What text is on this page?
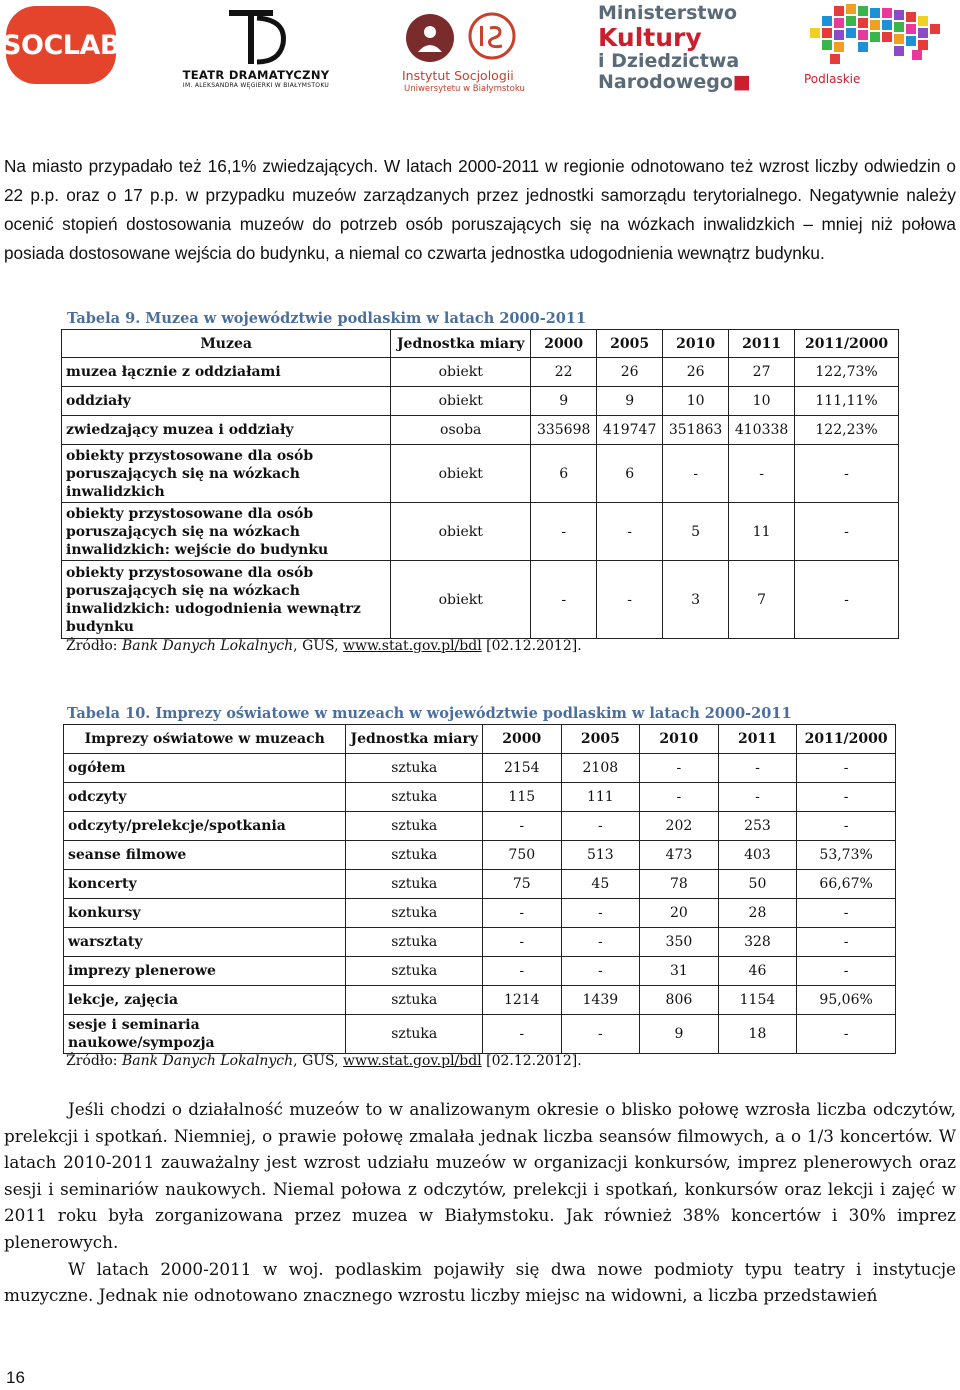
SOCLAB
TEATR DRAMATYCZNY
IM. ALEKSANDRA WĘGIERKI W BIAŁYMSTOKU
Instytut Socjologii
Uniwersytetu w Białymstoku
Ministerstwo
Kultury
i Dziedzictwa
Narodowego■	Podlaskie
Na miasto przypadało też 16,1% zwiedzających. W latach 2000-2011 w regionie odnotowano też wzrost liczby odwiedzin o 22 p.p. oraz o 17 p.p. w przypadku muzeów zarządzanych przez jednostki samorządu terytorialnego. Negatywnie należy ocenić stopień dostosowania muzeów do potrzeb osób poruszających się na wózkach inwalidzkich – mniej niż połowa posiada dostosowane wejścia do budynku, a niemal co czwarta jednostka udogodnienia wewnątrz budynku.
Tabela 9. Muzea w województwie podlaskim w latach 2000-2011
Muzea	Jednostka miary	2000	2005	2010	2011	2011/2000
muzea łącznie z oddziałami	obiekt	22	26	26	27	122,73%
oddziały	obiekt	9	9	10	10	111,11%
zwiedzający muzea i oddziały	osoba	335698	419747	351863	410338	122,23%
obiekty przystosowane dla osób poruszających się na wózkach inwalidzkich	obiekt	6	6	-	-	-
obiekty przystosowane dla osób poruszających się na wózkach inwalidzkich: wejście do budynku	obiekt	-	-	5	11	-
obiekty przystosowane dla osób poruszających się na wózkach inwalidzkich: udogodnienia wewnątrz budynku	obiekt	-	-	3	7	-
Źródło: Bank Danych Lokalnych, GUS, www.stat.gov.pl/bdl [02.12.2012].
Tabela 10. Imprezy oświatowe w muzeach w województwie podlaskim w latach 2000-2011
Imprezy oświatowe w muzeach	Jednostka miary	2000	2005	2010	2011	2011/2000
ogółem	sztuka	2154	2108	-	-	-
odczyty	sztuka	115	111	-	-	-
odczyty/prelekcje/spotkania	sztuka	-	-	202	253	-
seanse filmowe	sztuka	750	513	473	403	53,73%
koncerty	sztuka	75	45	78	50	66,67%
konkursy	sztuka	-	-	20	28	-
warsztaty	sztuka	-	-	350	328	-
imprezy plenerowe	sztuka	-	-	31	46	-
lekcje, zajęcia	sztuka	1214	1439	806	1154	95,06%
sesje i seminaria naukowe/sympozja	sztuka	-	-	9	18	-
Źródło: Bank Danych Lokalnych, GUS, www.stat.gov.pl/bdl [02.12.2012].

Jeśli chodzi o działalność muzeów to w analizowanym okresie o blisko połowę wzrosła liczba odczytów, prelekcji i spotkań. Niemniej, o prawie połowę zmalała jednak liczba seansów filmowych, a o 1/3 koncertów. W latach 2010-2011 zauważalny jest wzrost udziału muzeów w organizacji konkursów, imprez plenerowych oraz sesji i seminariów naukowych. Niemal połowa z odczytów, prelekcji i spotkań, konkursów oraz lekcji i zajęć w 2011 roku była zorganizowana przez muzea w Białymstoku. Jak również 38% koncertów i 30% imprez plenerowych.

W latach 2000-2011 w woj. podlaskim pojawiły się dwa nowe podmioty typu teatry i instytucje muzyczne. Jednak nie odnotowano znacznego wzrostu liczby miejsc na widowni, a liczba przedstawień

16
